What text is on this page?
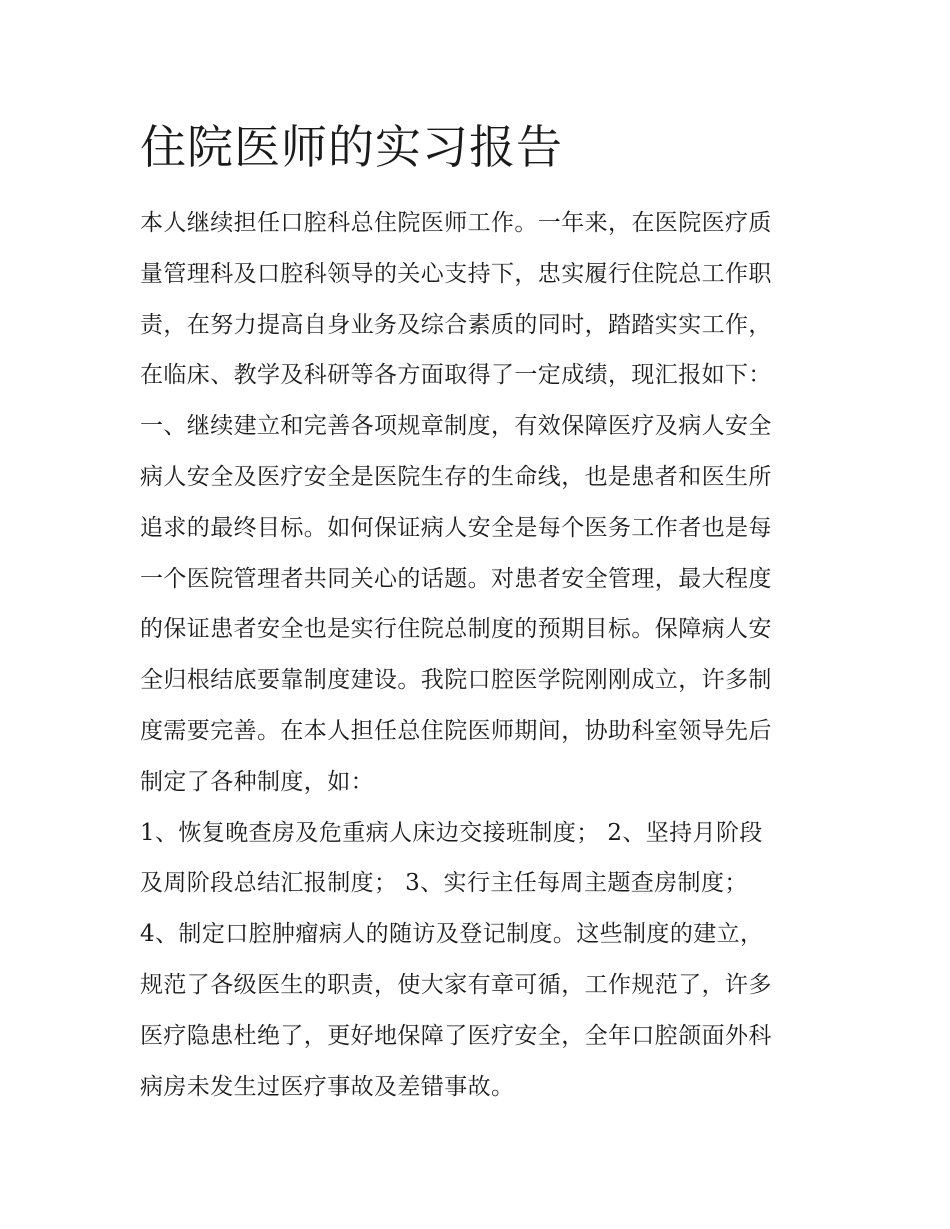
住院医师的实习报告
本人继续担任口腔科总住院医师工作。一年来，在医院医疗质
量管理科及口腔科领导的关心支持下，忠实履行住院总工作职
责，在努力提高自身业务及综合素质的同时，踏踏实实工作，
在临床、教学及科研等各方面取得了一定成绩，现汇报如下：
一、继续建立和完善各项规章制度，有效保障医疗及病人安全
病人安全及医疗安全是医院生存的生命线，也是患者和医生所
追求的最终目标。如何保证病人安全是每个医务工作者也是每
一个医院管理者共同关心的话题。对患者安全管理，最大程度
的保证患者安全也是实行住院总制度的预期目标。保障病人安
全归根结底要靠制度建设。我院口腔医学院刚刚成立，许多制
度需要完善。在本人担任总住院医师期间，协助科室领导先后
制定了各种制度，如：
1、恢复晚查房及危重病人床边交接班制度； 2、坚持月阶段
及周阶段总结汇报制度； 3、实行主任每周主题查房制度；
4、制定口腔肿瘤病人的随访及登记制度。这些制度的建立，
规范了各级医生的职责，使大家有章可循，工作规范了，许多
医疗隐患杜绝了，更好地保障了医疗安全，全年口腔颌面外科
病房未发生过医疗事故及差错事故。
